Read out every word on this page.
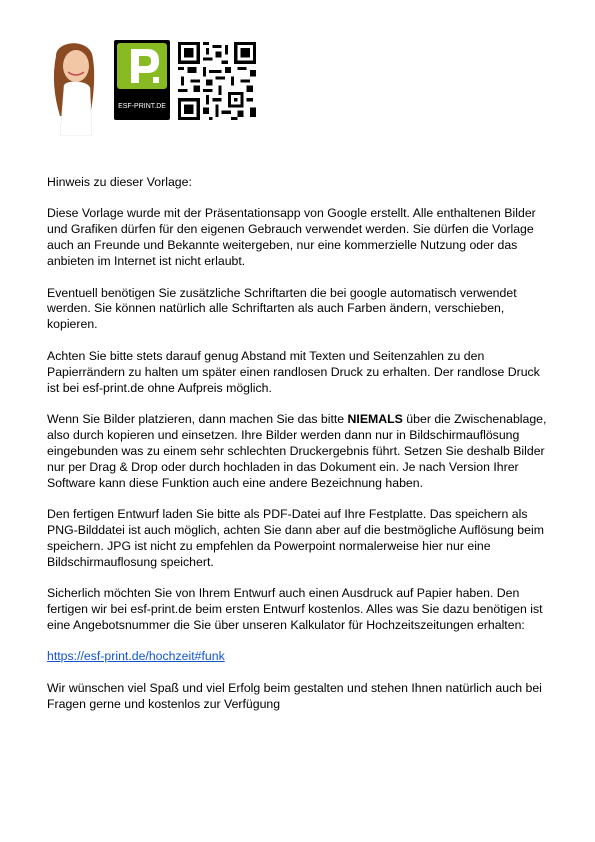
ESF-PRINT.DE

Hinweis zu dieser Vorlage:

Diese Vorlage wurde mit der Präsentationsapp von Google erstellt. Alle enthaltenen Bilder und Grafiken dürfen für den eigenen Gebrauch verwendet werden. Sie dürfen die Vorlage auch an Freunde und Bekannte weitergeben, nur eine kommerzielle Nutzung oder das anbieten im Internet ist nicht erlaubt.

Eventuell benötigen Sie zusätzliche Schriftarten die bei google automatisch verwendet werden. Sie können natürlich alle Schriftarten als auch Farben ändern, verschieben, kopieren.

Achten Sie bitte stets darauf genug Abstand mit Texten und Seitenzahlen zu den Papierrändern zu halten um später einen randlosen Druck zu erhalten. Der randlose Druck ist bei esf-print.de ohne Aufpreis möglich.

Wenn Sie Bilder platzieren, dann machen Sie das bitte NIEMALS über die Zwischenablage, also durch kopieren und einsetzen. Ihre Bilder werden dann nur in Bildschirmauflösung eingebunden was zu einem sehr schlechten Druckergebnis führt. Setzen Sie deshalb Bilder nur per Drag & Drop oder durch hochladen in das Dokument ein. Je nach Version Ihrer Software kann diese Funktion auch eine andere Bezeichnung haben.

Den fertigen Entwurf laden Sie bitte als PDF-Datei auf Ihre Festplatte. Das speichern als PNG-Bilddatei ist auch möglich, achten Sie dann aber auf die bestmögliche Auflösung beim speichern. JPG ist nicht zu empfehlen da Powerpoint normalerweise hier nur eine Bildschirmauflosung speichert.

Sicherlich möchten Sie von Ihrem Entwurf auch einen Ausdruck auf Papier haben. Den fertigen wir bei esf-print.de beim ersten Entwurf kostenlos. Alles was Sie dazu benötigen ist eine Angebotsnummer die Sie über unseren Kalkulator für Hochzeitszeitungen erhalten:

https://esf-print.de/hochzeit#funk

Wir wünschen viel Spaß und viel Erfolg beim gestalten und stehen Ihnen natürlich auch bei Fragen gerne und kostenlos zur Verfügung
